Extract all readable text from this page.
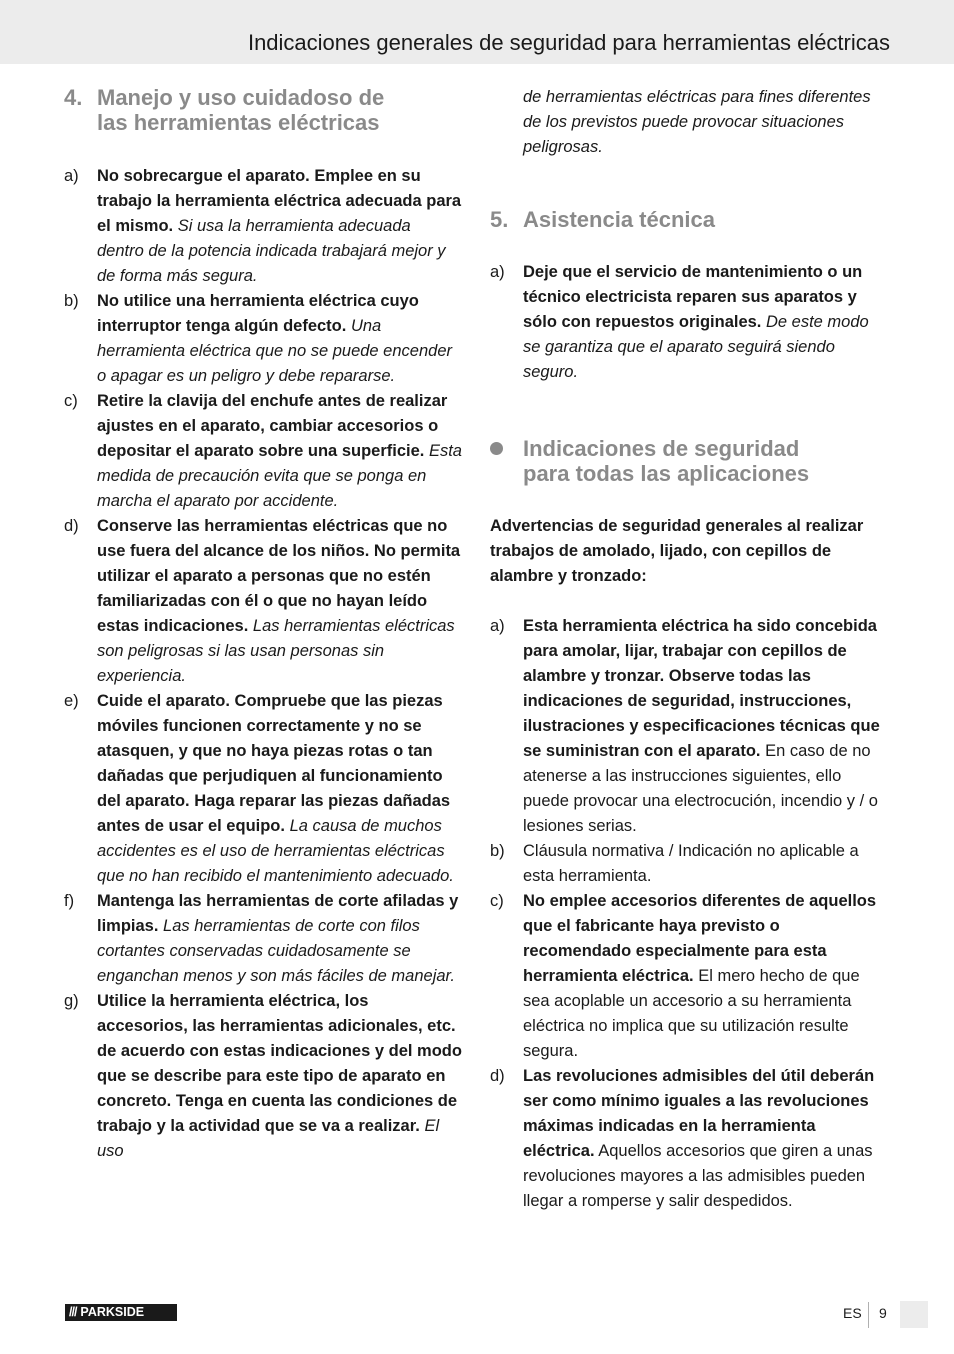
Indicaciones generales de seguridad para herramientas eléctricas
4. Manejo y uso cuidadoso de
las herramientas eléctricas
a)	No sobrecargue el aparato. Emplee en su trabajo la herramienta eléctrica adecuada para el mismo. Si usa la herramienta adecuada dentro de la potencia indicada trabajará mejor y de forma más segura.
b)	No utilice una herramienta eléctrica cuyo interruptor tenga algún defecto. Una herramienta eléctrica que no se puede encender o apagar es un peligro y debe repararse.
c)	Retire la clavija del enchufe antes de realizar ajustes en el aparato, cambiar accesorios o depositar el aparato sobre una superficie. Esta medida de precaución evita que se ponga en marcha el aparato por accidente.
d)	Conserve las herramientas eléctricas que no use fuera del alcance de los niños. No permita utilizar el aparato a personas que no estén familiarizadas con él o que no hayan leído estas indicaciones. Las herramientas eléctricas son peligrosas si las usan personas sin experiencia.
e)	Cuide el aparato. Compruebe que las piezas móviles funcionen correctamente y no se atasquen, y que no haya piezas rotas o tan dañadas que perjudiquen al funcionamiento del aparato. Haga reparar las piezas dañadas antes de usar el equipo. La causa de muchos accidentes es el uso de herramientas eléctricas que no han recibido el mantenimiento adecuado.
f)	Mantenga las herramientas de corte afiladas y limpias. Las herramientas de corte con filos cortantes conservadas cuidadosamente se enganchan menos y son más fáciles de manejar.
g)	Utilice la herramienta eléctrica, los accesorios, las herramientas adicionales, etc. de acuerdo con estas indicaciones y del modo que se describe para este tipo de aparato en concreto. Tenga en cuenta las condiciones de trabajo y la actividad que se va a realizar. El uso
de herramientas eléctricas para fines diferentes de los previstos puede provocar situaciones peligrosas.
5. Asistencia técnica
a)	Deje que el servicio de mantenimiento o un técnico electricista reparen sus aparatos y sólo con repuestos originales. De este modo se garantiza que el aparato seguirá siendo seguro.
Indicaciones de seguridad
para todas las aplicaciones
Advertencias de seguridad generales al realizar trabajos de amolado, lijado, con cepillos de alambre y tronzado:
a)	Esta herramienta eléctrica ha sido concebida para amolar, lijar, trabajar con cepillos de alambre y tronzar. Observe todas las indicaciones de seguridad, instrucciones, ilustraciones y especificaciones técnicas que se suministran con el aparato. En caso de no atenerse a las instrucciones siguientes, ello puede provocar una electrocución, incendio y / o lesiones serias.
b)	Cláusula normativa / Indicación no aplicable a esta herramienta.
c)	No emplee accesorios diferentes de aquellos que el fabricante haya previsto o recomendado especialmente para esta herramienta eléctrica. El mero hecho de que sea acoplable un accesorio a su herramienta eléctrica no implica que su utilización resulte segura.
d)	Las revoluciones admisibles del útil deberán ser como mínimo iguales a las revoluciones máximas indicadas en la herramienta eléctrica. Aquellos accesorios que giren a unas revoluciones mayores a las admisibles pueden llegar a romperse y salir despedidos.
/// PARKSIDE	ES 9
